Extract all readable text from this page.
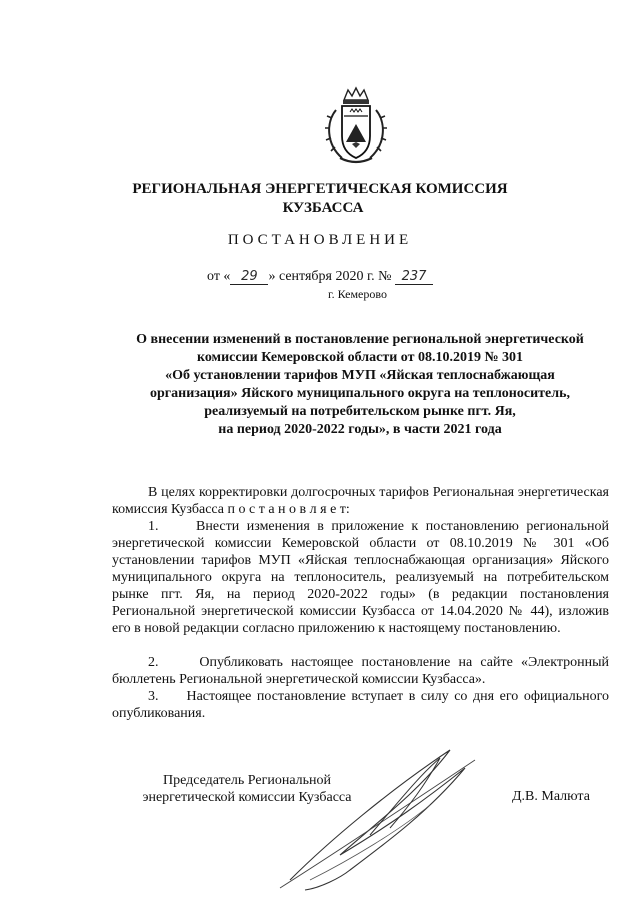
РЕГИОНАЛЬНАЯ ЭНЕРГЕТИЧЕСКАЯ КОМИССИЯ
КУЗБАССА
ПОСТАНОВЛЕНИЕ
от « 29 » сентября 2020 г. № 237
г. Кемерово
О внесении изменений в постановление региональной энергетической
комиссии Кемеровской области от 08.10.2019 № 301
«Об установлении тарифов МУП «Яйская теплоснабжающая
организация» Яйского муниципального округа на теплоноситель,
реализуемый на потребительском рынке пгт. Яя,
на период 2020-2022 годы», в части 2021 года
В целях корректировки долгосрочных тарифов Региональная энергетическая комиссия Кузбасса п о с т а н о в л я е т:
1.	Внести изменения в приложение к постановлению региональной энергетической комиссии Кемеровской области от 08.10.2019 № 301 «Об установлении тарифов МУП «Яйская теплоснабжающая организация» Яйского муниципального округа на теплоноситель, реализуемый на потребительском рынке пгт. Яя, на период 2020-2022 годы» (в редакции постановления Региональной энергетической комиссии Кузбасса от 14.04.2020 № 44), изложив его в новой редакции согласно приложению к настоящему постановлению.
2.	Опубликовать настоящее постановление на сайте «Электронный бюллетень Региональной энергетической комиссии Кузбасса».
3. Настоящее постановление вступает в силу со дня его официального опубликования.
Председатель Региональной
энергетической комиссии Кузбасса	Д.В. Малюта
